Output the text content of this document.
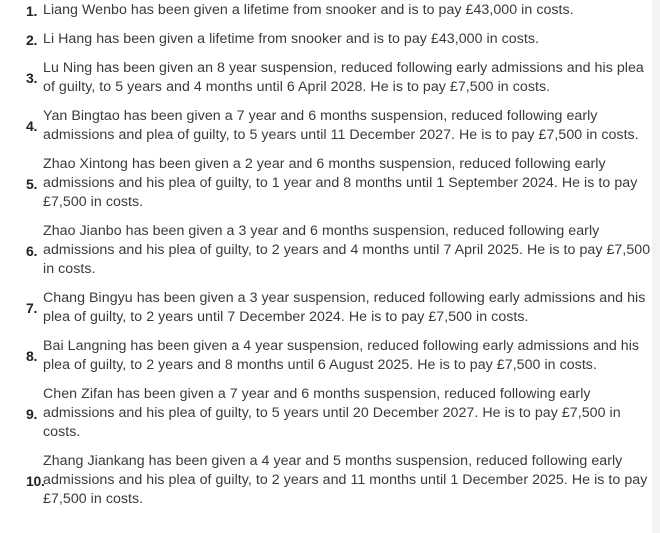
1. Liang Wenbo has been given a lifetime from snooker and is to pay £43,000 in costs.
2. Li Hang has been given a lifetime from snooker and is to pay £43,000 in costs.
3.
Lu Ning has been given an 8 year suspension, reduced following early admissions and his plea of guilty, to 5 years and 4 months until 6 April 2028. He is to pay £7,500 in costs.
4.
Yan Bingtao has been given a 7 year and 6 months suspension, reduced following early admissions and plea of guilty, to 5 years until 11 December 2027. He is to pay £7,500 in costs.
5.
Zhao Xintong has been given a 2 year and 6 months suspension, reduced following early admissions and his plea of guilty, to 1 year and 8 months until 1 September 2024. He is to pay £7,500 in costs.
6.
Zhao Jianbo has been given a 3 year and 6 months suspension, reduced following early admissions and his plea of guilty, to 2 years and 4 months until 7 April 2025. He is to pay £7,500 in costs.
7.
Chang Bingyu has been given a 3 year suspension, reduced following early admissions and his plea of guilty, to 2 years until 7 December 2024. He is to pay £7,500 in costs.
8.
Bai Langning has been given a 4 year suspension, reduced following early admissions and his plea of guilty, to 2 years and 8 months until 6 August 2025. He is to pay £7,500 in costs.
9.
Chen Zifan has been given a 7 year and 6 months suspension, reduced following early admissions and his plea of guilty, to 5 years until 20 December 2027. He is to pay £7,500 in costs.
10.
Zhang Jiankang has been given a 4 year and 5 months suspension, reduced following early admissions and his plea of guilty, to 2 years and 11 months until 1 December 2025. He is to pay £7,500 in costs.
